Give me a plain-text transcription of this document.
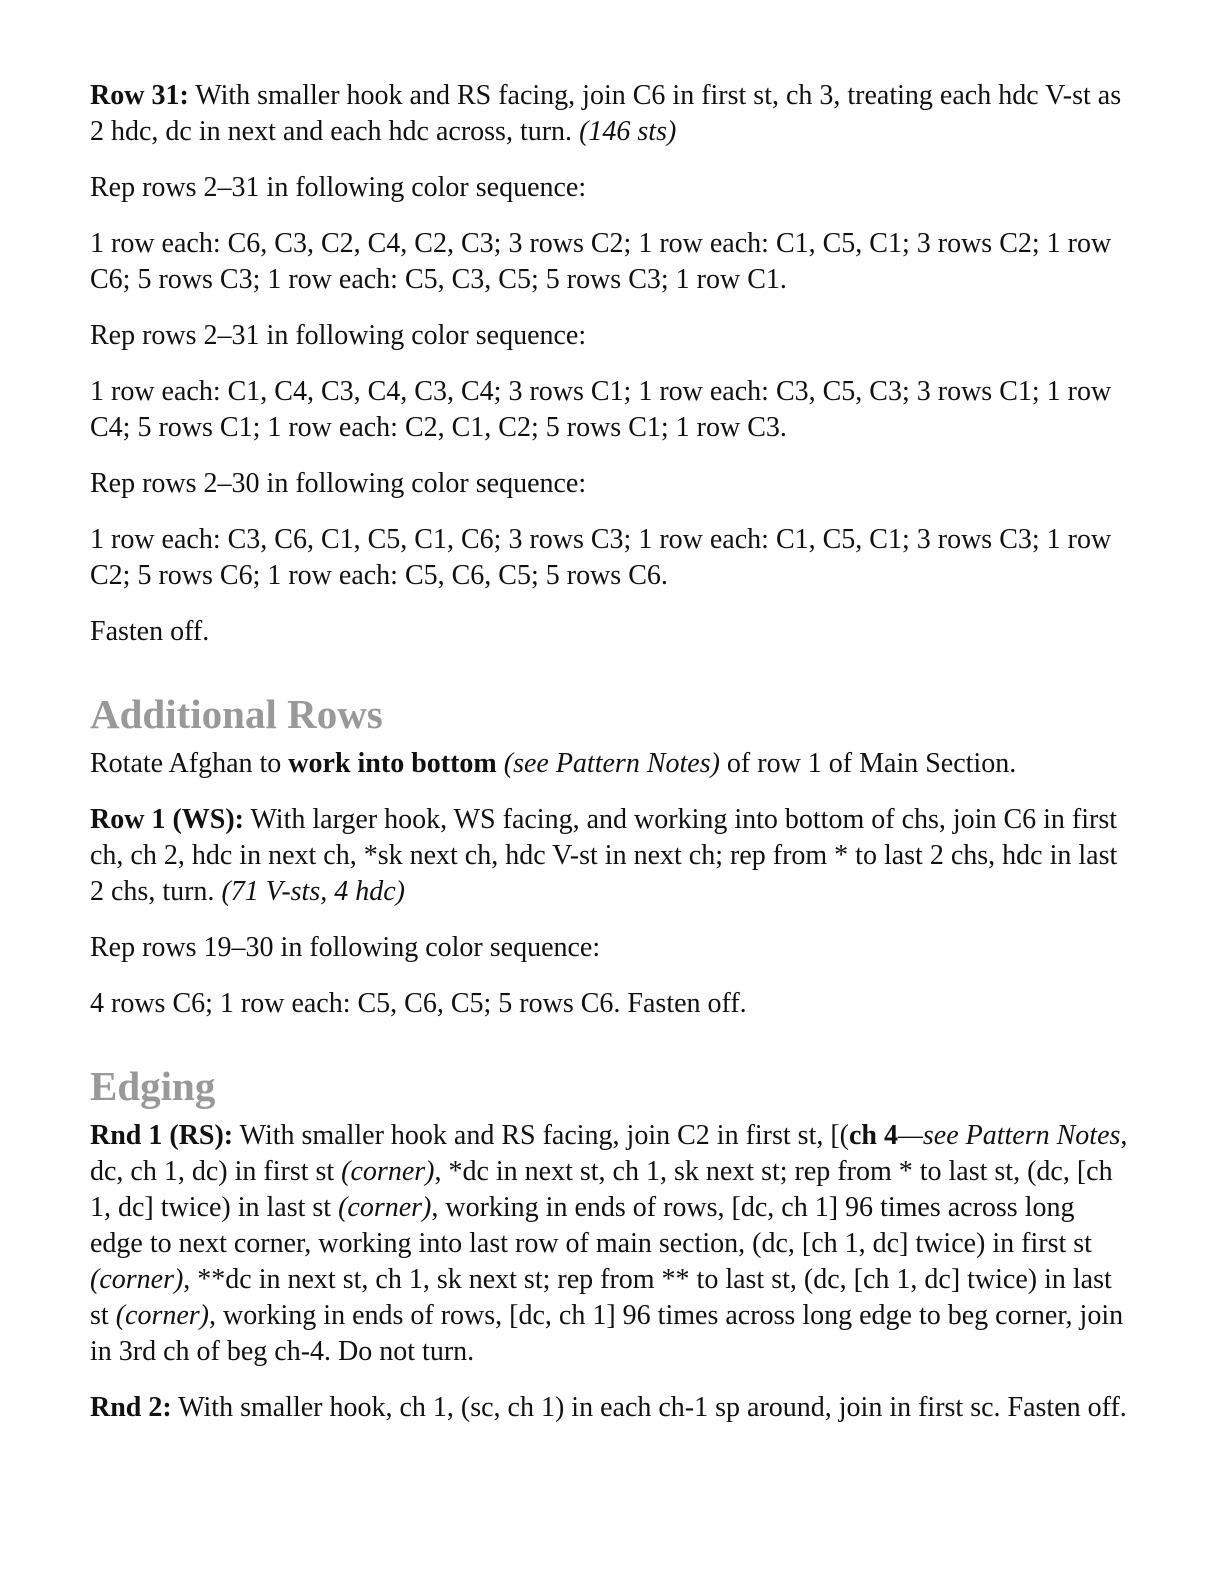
Row 31: With smaller hook and RS facing, join C6 in first st, ch 3, treating each hdc V-st as 2 hdc, dc in next and each hdc across, turn. (146 sts)

Rep rows 2–31 in following color sequence:

1 row each: C6, C3, C2, C4, C2, C3; 3 rows C2; 1 row each: C1, C5, C1; 3 rows C2; 1 row C6; 5 rows C3; 1 row each: C5, C3, C5; 5 rows C3; 1 row C1.

Rep rows 2–31 in following color sequence:

1 row each: C1, C4, C3, C4, C3, C4; 3 rows C1; 1 row each: C3, C5, C3; 3 rows C1; 1 row C4; 5 rows C1; 1 row each: C2, C1, C2; 5 rows C1; 1 row C3.

Rep rows 2–30 in following color sequence:

1 row each: C3, C6, C1, C5, C1, C6; 3 rows C3; 1 row each: C1, C5, C1; 3 rows C3; 1 row C2; 5 rows C6; 1 row each: C5, C6, C5; 5 rows C6.

Fasten off.

Additional Rows

Rotate Afghan to work into bottom (see Pattern Notes) of row 1 of Main Section.

Row 1 (WS): With larger hook, WS facing, and working into bottom of chs, join C6 in first ch, ch 2, hdc in next ch, *sk next ch, hdc V-st in next ch; rep from * to last 2 chs, hdc in last 2 chs, turn. (71 V-sts, 4 hdc)

Rep rows 19–30 in following color sequence:

4 rows C6; 1 row each: C5, C6, C5; 5 rows C6. Fasten off.

Edging

Rnd 1 (RS): With smaller hook and RS facing, join C2 in first st, [(ch 4—see Pattern Notes, dc, ch 1, dc) in first st (corner), *dc in next st, ch 1, sk next st; rep from * to last st, (dc, [ch 1, dc] twice) in last st (corner), working in ends of rows, [dc, ch 1] 96 times across long edge to next corner, working into last row of main section, (dc, [ch 1, dc] twice) in first st (corner), **dc in next st, ch 1, sk next st; rep from ** to last st, (dc, [ch 1, dc] twice) in last st (corner), working in ends of rows, [dc, ch 1] 96 times across long edge to beg corner, join in 3rd ch of beg ch-4. Do not turn.

Rnd 2: With smaller hook, ch 1, (sc, ch 1) in each ch-1 sp around, join in first sc. Fasten off.
